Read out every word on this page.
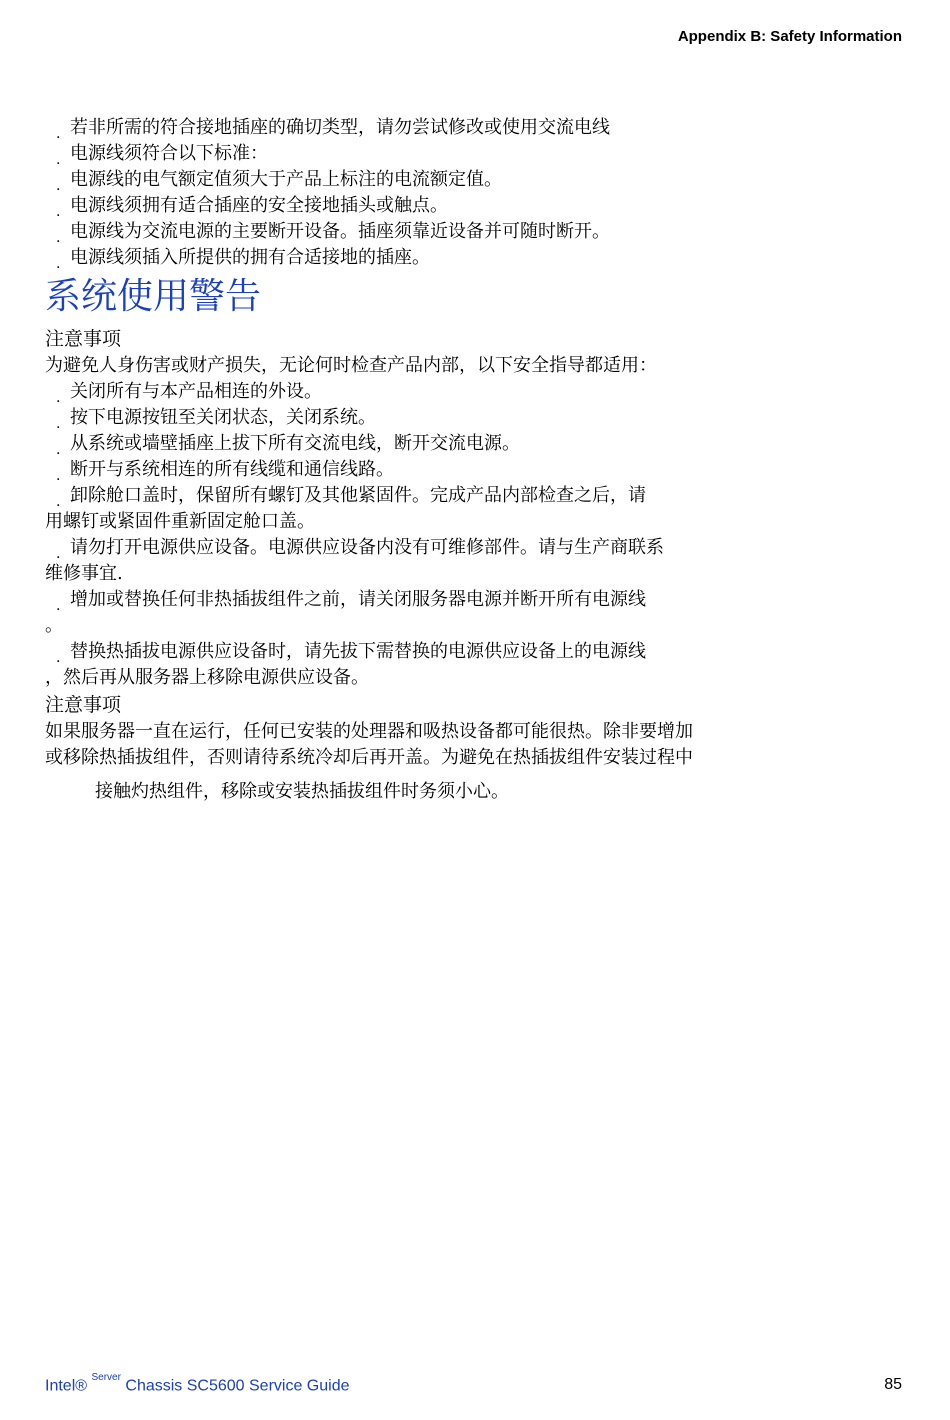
Appendix B: Safety Information
. 若非所需的符合接地插座的确切类型，请勿尝试修改或使用交流电线
. 电源线须符合以下标准：
. 电源线的电气额定值须大于产品上标注的电流额定值。
. 电源线须拥有适合插座的安全接地插头或触点。
. 电源线为交流电源的主要断开设备。插座须靠近设备并可随时断开。
. 电源线须插入所提供的拥有合适接地的插座。
系统使用警告
注意事项
为避免人身伤害或财产损失，无论何时检查产品内部，以下安全指导都适用：
. 关闭所有与本产品相连的外设。
. 按下电源按钮至关闭状态，关闭系统。
. 从系统或墙壁插座上拔下所有交流电线，断开交流电源。
. 断开与系统相连的所有线缆和通信线路。
. 卸除舱口盖时，保留所有螺钉及其他紧固件。完成产品内部检查之后，请
用螺钉或紧固件重新固定舱口盖。
. 请勿打开电源供应设备。电源供应设备内没有可维修部件。请与生产商联系
维修事宜.
. 增加或替换任何非热插拔组件之前，请关闭服务器电源并断开所有电源线
。
. 替换热插拔电源供应设备时，请先拔下需替换的电源供应设备上的电源线
，然后再从服务器上移除电源供应设备。
注意事项
如果服务器一直在运行，任何已安装的处理器和吸热设备都可能很热。除非要增加
或移除热插拔组件，否则请待系统冷却后再开盖。为避免在热插拔组件安装过程中
接触灼热组件，移除或安装热插拔组件时务须小心。
Intel® $^{Server}$ Chassis SC5600 Service Guide	85
